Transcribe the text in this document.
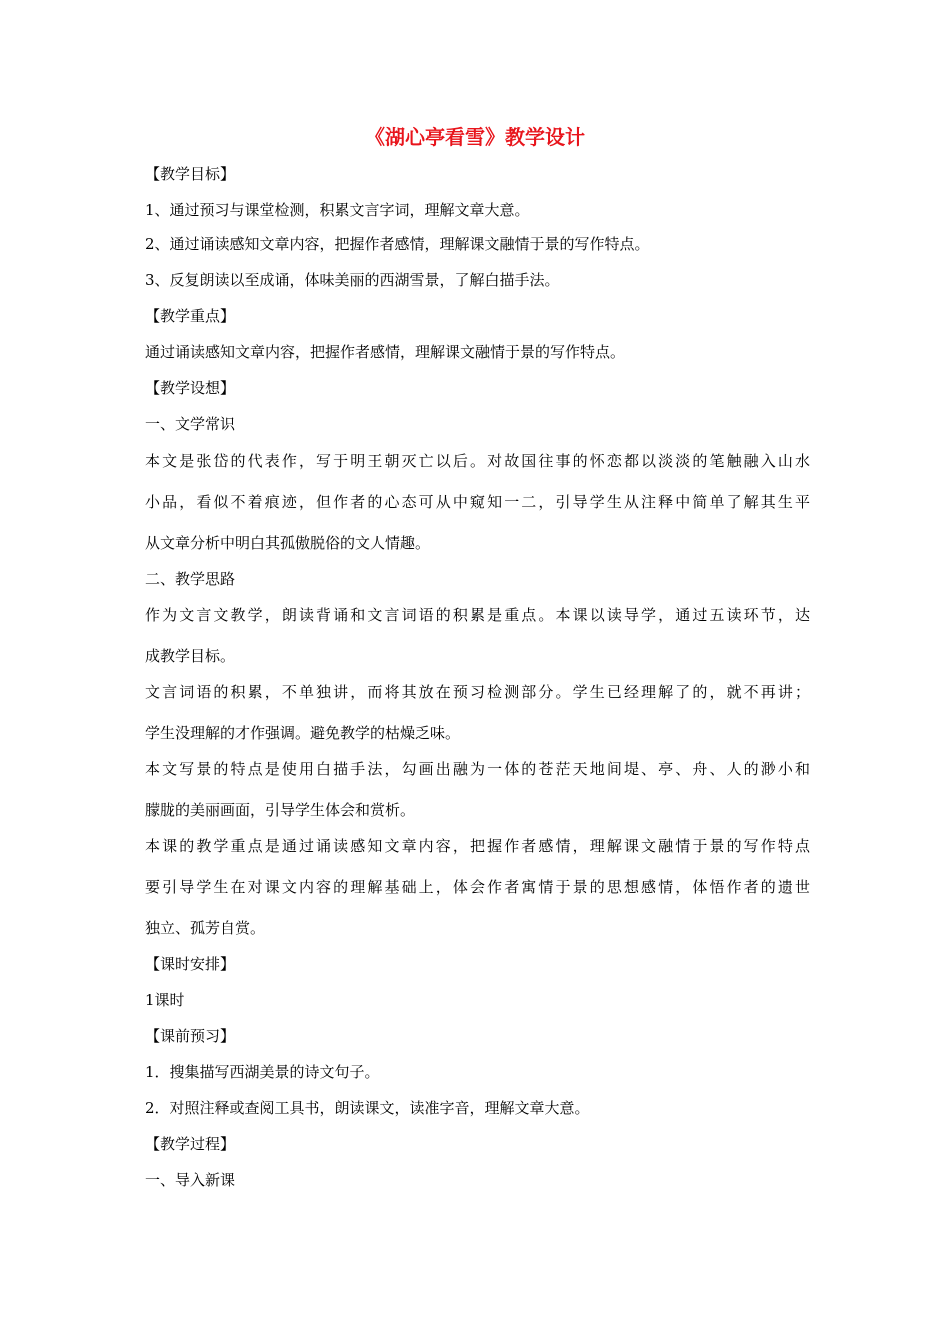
《湖心亭看雪》教学设计
【教学目标】
1、通过预习与课堂检测，积累文言字词，理解文章大意。
2、通过诵读感知文章内容，把握作者感情，理解课文融情于景的写作特点。
3、反复朗读以至成诵，体味美丽的西湖雪景，了解白描手法。
【教学重点】
通过诵读感知文章内容，把握作者感情，理解课文融情于景的写作特点。
【教学设想】
一、文学常识
本文是张岱的代表作，写于明王朝灭亡以后。对故国往事的怀恋都以淡淡的笔触融入山水
小品，看似不着痕迹，但作者的心态可从中窥知一二，引导学生从注释中简单了解其生平
从文章分析中明白其孤傲脱俗的文人情趣。
二、教学思路
作为文言文教学，朗读背诵和文言词语的积累是重点。本课以读导学，通过五读环节，达
成教学目标。
文言词语的积累，不单独讲，而将其放在预习检测部分。学生已经理解了的，就不再讲；
学生没理解的才作强调。避免教学的枯燥乏味。
本文写景的特点是使用白描手法，勾画出融为一体的苍茫天地间堤、亭、舟、人的渺小和
朦胧的美丽画面，引导学生体会和赏析。
本课的教学重点是通过诵读感知文章内容，把握作者感情，理解课文融情于景的写作特点
要引导学生在对课文内容的理解基础上，体会作者寓情于景的思想感情，体悟作者的遗世
独立、孤芳自赏。
【课时安排】
1课时
【课前预习】
1．搜集描写西湖美景的诗文句子。
2．对照注释或查阅工具书，朗读课文，读准字音，理解文章大意。
【教学过程】
一、导入新课
